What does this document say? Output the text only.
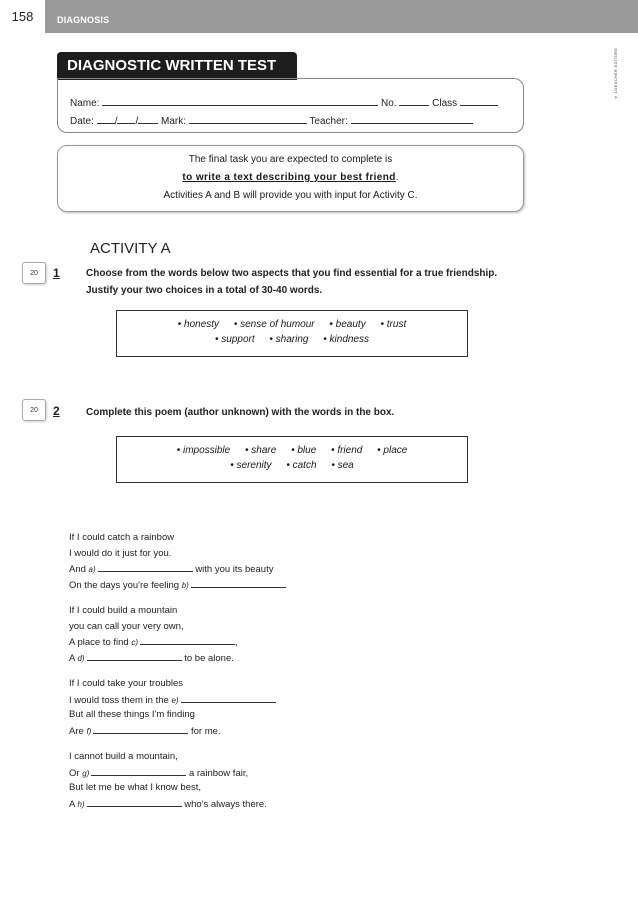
158	DIAGNOSIS
© LOESCHER EDITORE
DIAGNOSTIC WRITTEN TEST
Name:	No.	Class
Date: / / Mark:	Teacher:
The final task you are expected to complete is
to write a text describing your best friend.
Activities A and B will provide you with input for Activity C.
ACTIVITY A
20	1	Choose from the words below two aspects that you find essential for a true friendship.
Justify your two choices in a total of 30-40 words.
• honesty • sense of humour • beauty • trust
• support • sharing • kindness
20	2	Complete this poem (author unknown) with the words in the box.
• impossible • share • blue • friend • place
• serenity • catch • sea
If I could catch a rainbow
I would do it just for you.
And a)	with you its beauty
On the days you're feeling b)
If I could build a mountain
you can call your very own,
A place to find c)	,
A d)	to be alone.
If I could take your troubles
I would toss them in the e)
But all these things I'm finding
Are f)	for me.
I cannot build a mountain,
Or g)	a rainbow fair,
But let me be what I know best,
A h)	who's always there.
